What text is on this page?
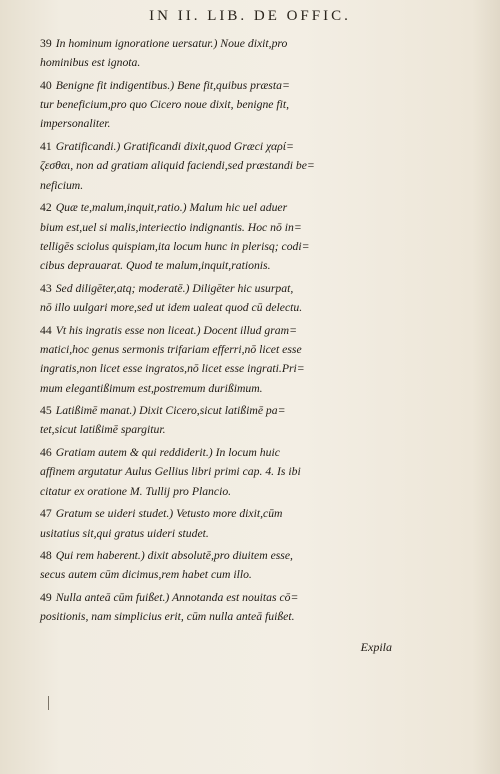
IN II. LIB. DE OFFIC.
39 In hominum ignoratione uersatur.) Noue dixit,pro
hominibus est ignota.
40 Benigne fit indigentibus.) Bene fit,quibus præsta=
tur beneficium,pro quo Cicero noue dixit, benigne fit,
impersonaliter.
41 Gratificandi.) Gratificandi dixit,quod Græci χαρί=
ζεσθαι, non ad gratiam aliquid faciendi,sed præstandi be=
neficium.
42 Quæ te,malum,inquit,ratio.) Malum hic uel aduer
bium est,uel si malis,interiectio indignantis. Hoc nō in=
telligēs sciolus quispiam,ita locum hunc in plerisq; codi=
cibus deprauarat. Quod te malum,inquit,rationis.
43 Sed diligēter,atq; moderatē.) Diligēter hic usurpat,
nō illo uulgari more,sed ut idem ualeat quod cū delectu.
44 Vt his ingratis esse non liceat.) Docent illud gram=
matici,hoc genus sermonis trifariam efferri,nō licet esse
ingratis,non licet esse ingratos,nō licet esse ingrati.Pri=
mum elegantißimum est,postremum durißimum.
45 Latißimē manat.) Dixit Cicero,sicut latißimē pa=
tet,sicut latißimē spargitur.
46 Gratiam autem & qui reddiderit.) In locum huic
affinem argutatur Aulus Gellius libri primi cap. 4. Is ibi
citatur ex oratione M. Tullij pro Plancio.
47 Gratum se uideri studet.) Vetusto more dixit,cūm
usitatius sit,qui gratus uideri studet.
48 Qui rem haberent.) dixit absolutē,pro diuitem esse,
secus autem cūm dicimus,rem habet cum illo.
49 Nulla anteā cūm fuißet.) Annotanda est nouitas cō=
positionis, nam simplicius erit, cūm nulla anteā fuißet.
Expila
